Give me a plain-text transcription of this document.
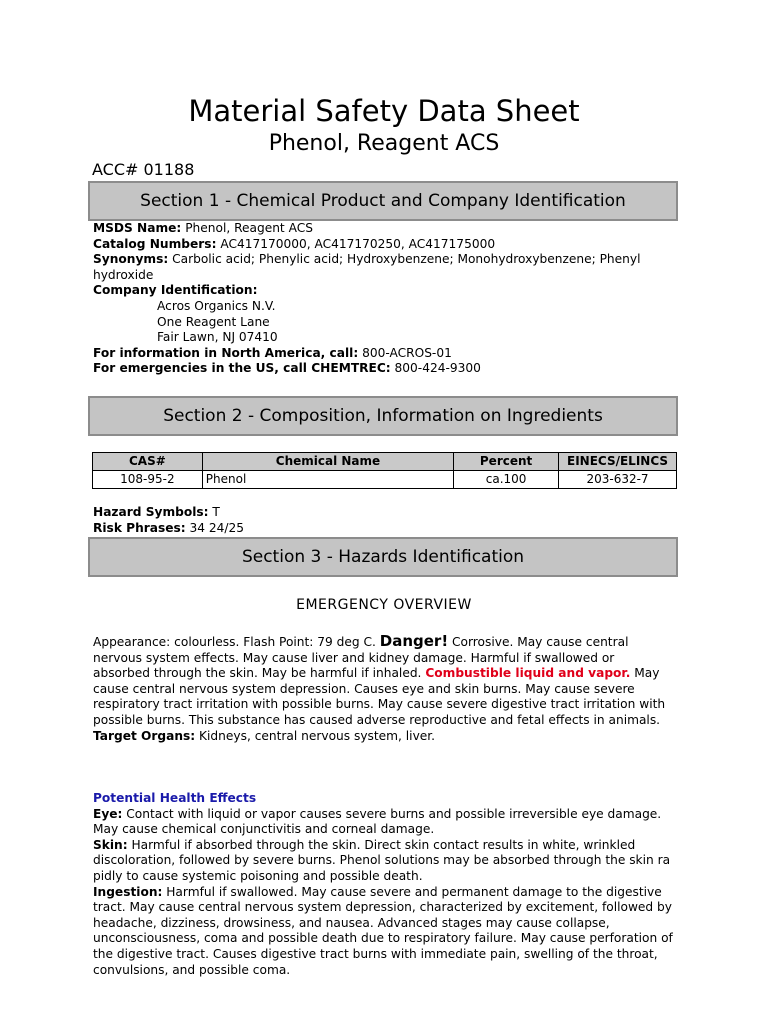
Material Safety Data Sheet
Phenol, Reagent ACS
ACC# 01188
Section 1 - Chemical Product and Company Identification
MSDS Name: Phenol, Reagent ACS
Catalog Numbers: AC417170000, AC417170250, AC417175000
Synonyms: Carbolic acid; Phenylic acid; Hydroxybenzene; Monohydroxybenzene; Phenyl hydroxide
Company Identification:
Acros Organics N.V.
One Reagent Lane
Fair Lawn, NJ 07410
For information in North America, call: 800-ACROS-01
For emergencies in the US, call CHEMTREC: 800-424-9300
Section 2 - Composition, Information on Ingredients
CAS#	Chemical Name	Percent	EINECS/ELINCS
108-95-2	Phenol	ca.100	203-632-7
Hazard Symbols: T
Risk Phrases: 34 24/25
Section 3 - Hazards Identification
EMERGENCY OVERVIEW
Appearance: colourless. Flash Point: 79 deg C. Danger! Corrosive. May cause central nervous system effects. May cause liver and kidney damage. Harmful if swallowed or absorbed through the skin. May be harmful if inhaled. Combustible liquid and vapor. May cause central nervous system depression. Causes eye and skin burns. May cause severe respiratory tract irritation with possible burns. May cause severe digestive tract irritation with possible burns. This substance has caused adverse reproductive and fetal effects in animals.
Target Organs: Kidneys, central nervous system, liver.
Potential Health Effects
Eye: Contact with liquid or vapor causes severe burns and possible irreversible eye damage. May cause chemical conjunctivitis and corneal damage.
Skin: Harmful if absorbed through the skin. Direct skin contact results in white, wrinkled discoloration, followed by severe burns. Phenol solutions may be absorbed through the skin ra pidly to cause systemic poisoning and possible death.
Ingestion: Harmful if swallowed. May cause severe and permanent damage to the digestive tract. May cause central nervous system depression, characterized by excitement, followed by headache, dizziness, drowsiness, and nausea. Advanced stages may cause collapse, unconsciousness, coma and possible death due to respiratory failure. May cause perforation of the digestive tract. Causes digestive tract burns with immediate pain, swelling of the throat, convulsions, and possible coma.
